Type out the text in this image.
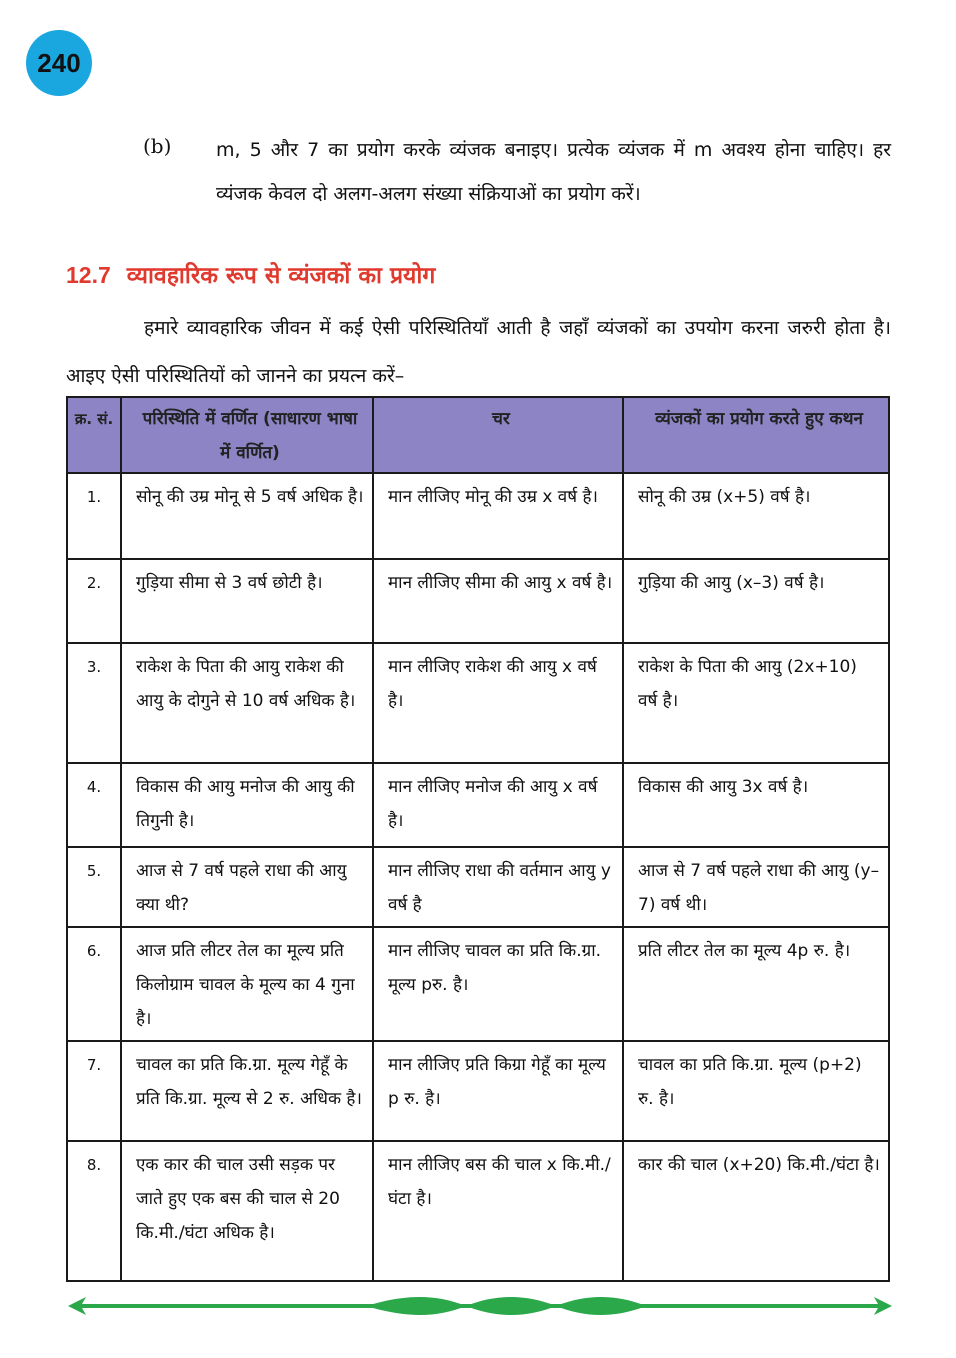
240
(b) m, 5 और 7 का प्रयोग करके व्यंजक बनाइए। प्रत्येक व्यंजक में m अवश्य होना चाहिए। हर व्यंजक केवल दो अलग-अलग संख्या संक्रियाओं का प्रयोग करें।
12.7 व्यावहारिक रूप से व्यंजकों का प्रयोग
हमारे व्यावहारिक जीवन में कई ऐसी परिस्थितियाँ आती है जहाँ व्यंजकों का उपयोग करना जरुरी होता है। आइए ऐसी परिस्थितियों को जानने का प्रयत्न करें–
क्र. सं.	परिस्थिति में वर्णित (साधारण भाषा में वर्णित)	चर	व्यंजकों का प्रयोग करते हुए कथन
1.	सोनू की उम्र मोनू से 5 वर्ष अधिक है।	मान लीजिए मोनू की उम्र x वर्ष है।	सोनू की उम्र (x+5) वर्ष है।
2.	गुड़िया सीमा से 3 वर्ष छोटी है।	मान लीजिए सीमा की आयु x वर्ष है।	गुड़िया की आयु (x–3) वर्ष है।
3.	राकेश के पिता की आयु राकेश की आयु के दोगुने से 10 वर्ष अधिक है।	मान लीजिए राकेश की आयु x वर्ष है।	राकेश के पिता की आयु (2x+10) वर्ष है।
4.	विकास की आयु मनोज की आयु की तिगुनी है।	मान लीजिए मनोज की आयु x वर्ष है।	विकास की आयु 3x वर्ष है।
5.	आज से 7 वर्ष पहले राधा की आयु क्या थी?	मान लीजिए राधा की वर्तमान आयु y वर्ष है	आज से 7 वर्ष पहले राधा की आयु (y–7) वर्ष थी।
6.	आज प्रति लीटर तेल का मूल्य प्रति किलोग्राम चावल के मूल्य का 4 गुना है।	मान लीजिए चावल का प्रति कि.ग्रा. मूल्य pरु. है।	प्रति लीटर तेल का मूल्य 4p रु. है।
7.	चावल का प्रति कि.ग्रा. मूल्य गेहूँ के प्रति कि.ग्रा. मूल्य से 2 रु. अधिक है।	मान लीजिए प्रति किग्रा गेहूँ का मूल्य p रु. है।	चावल का प्रति कि.ग्रा. मूल्य (p+2) रु. है।
8.	एक कार की चाल उसी सड़क पर जाते हुए एक बस की चाल से 20 कि.मी./घंटा अधिक है।	मान लीजिए बस की चाल x कि.मी./घंटा है।	कार की चाल (x+20) कि.मी./घंटा है।
